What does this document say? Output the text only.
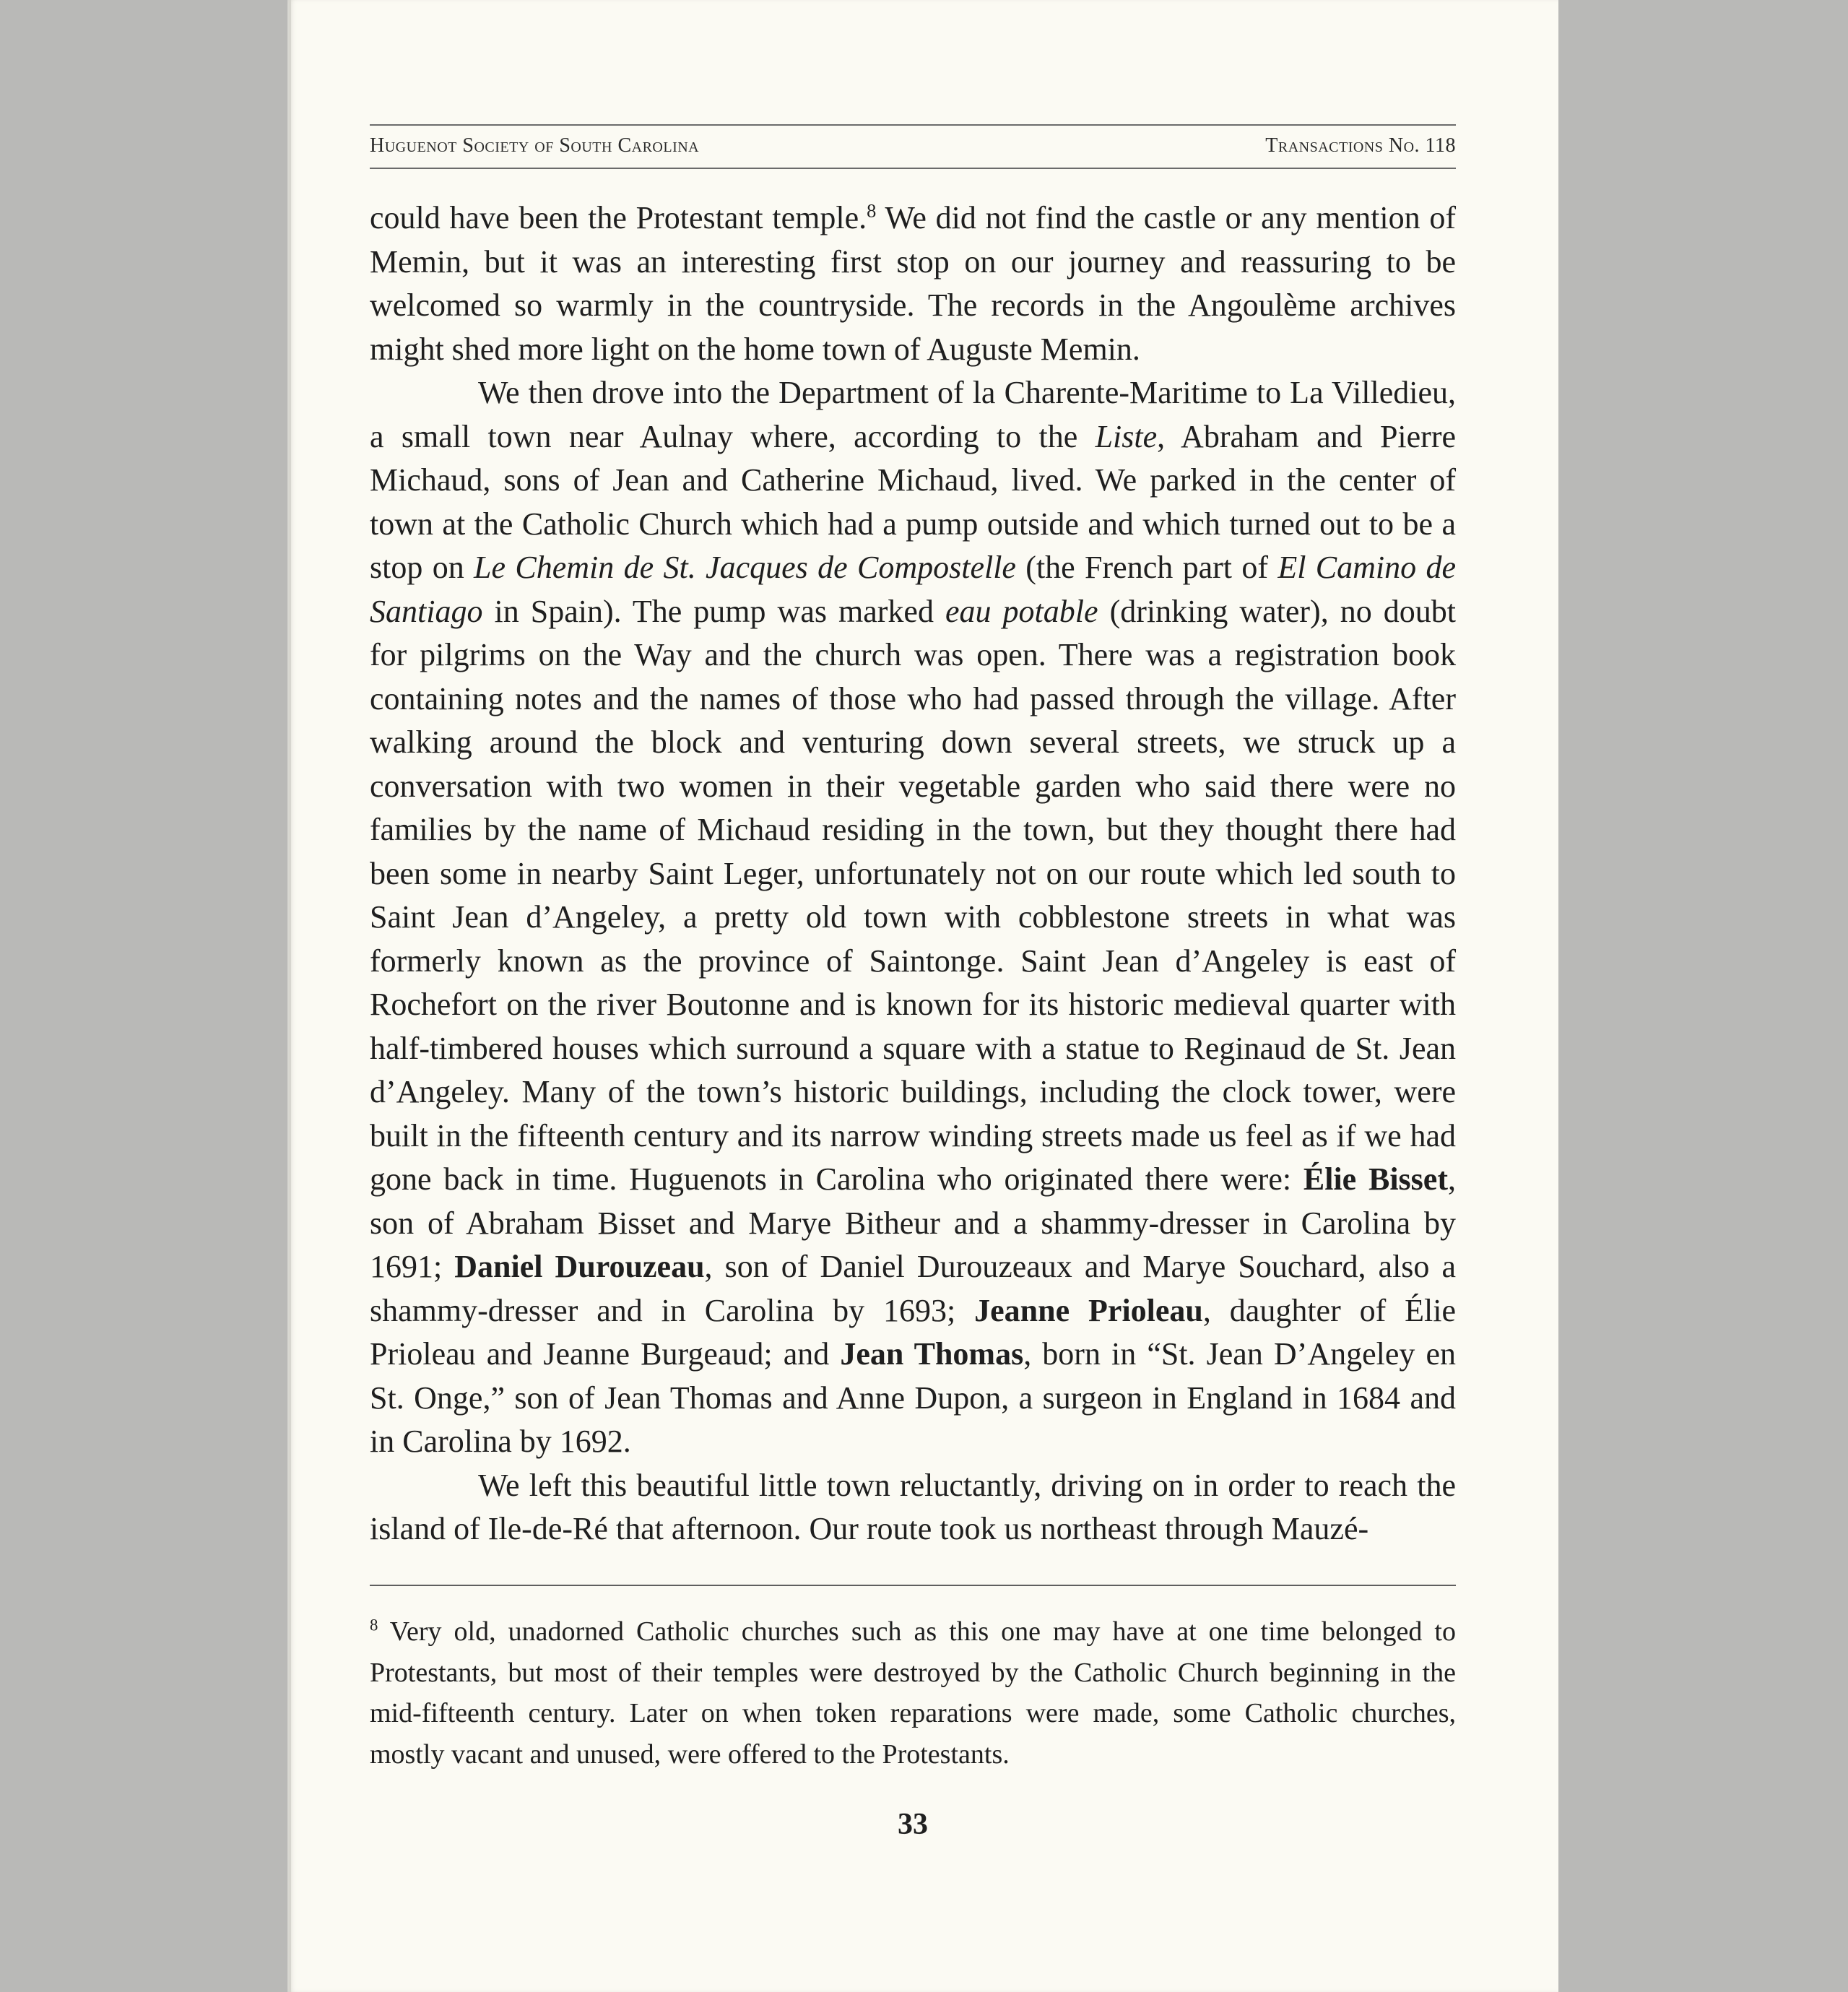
Huguenot Society of South Carolina	Transactions No. 118

could have been the Protestant temple.$^8$ We did not find the castle or any mention of Memin, but it was an interesting first stop on our journey and reassuring to be welcomed so warmly in the countryside. The records in the Angoulème archives might shed more light on the home town of Auguste Memin.

We then drove into the Department of la Charente-Maritime to La Villedieu, a small town near Aulnay where, according to the Liste, Abraham and Pierre Michaud, sons of Jean and Catherine Michaud, lived. We parked in the center of town at the Catholic Church which had a pump outside and which turned out to be a stop on Le Chemin de St. Jacques de Compostelle (the French part of El Camino de Santiago in Spain). The pump was marked eau potable (drinking water), no doubt for pilgrims on the Way and the church was open. There was a registration book containing notes and the names of those who had passed through the village. After walking around the block and venturing down several streets, we struck up a conversation with two women in their vegetable garden who said there were no families by the name of Michaud residing in the town, but they thought there had been some in nearby Saint Leger, unfortunately not on our route which led south to Saint Jean d’Angeley, a pretty old town with cobblestone streets in what was formerly known as the province of Saintonge. Saint Jean d’Angeley is east of Rochefort on the river Boutonne and is known for its historic medieval quarter with half-timbered houses which surround a square with a statue to Reginaud de St. Jean d’Angeley. Many of the town’s historic buildings, including the clock tower, were built in the fifteenth century and its narrow winding streets made us feel as if we had gone back in time. Huguenots in Carolina who originated there were: Élie Bisset, son of Abraham Bisset and Marye Bitheur and a shammy-dresser in Carolina by 1691; Daniel Durouzeau, son of Daniel Durouzeaux and Marye Souchard, also a shammy-dresser and in Carolina by 1693; Jeanne Prioleau, daughter of Élie Prioleau and Jeanne Burgeaud; and Jean Thomas, born in “St. Jean D’Angeley en St. Onge,” son of Jean Thomas and Anne Dupon, a surgeon in England in 1684 and in Carolina by 1692.

We left this beautiful little town reluctantly, driving on in order to reach the island of Ile-de-Ré that afternoon. Our route took us northeast through Mauzé-

$^8$ Very old, unadorned Catholic churches such as this one may have at one time belonged to Protestants, but most of their temples were destroyed by the Catholic Church beginning in the mid-fifteenth century. Later on when token reparations were made, some Catholic churches, mostly vacant and unused, were offered to the Protestants.

33
